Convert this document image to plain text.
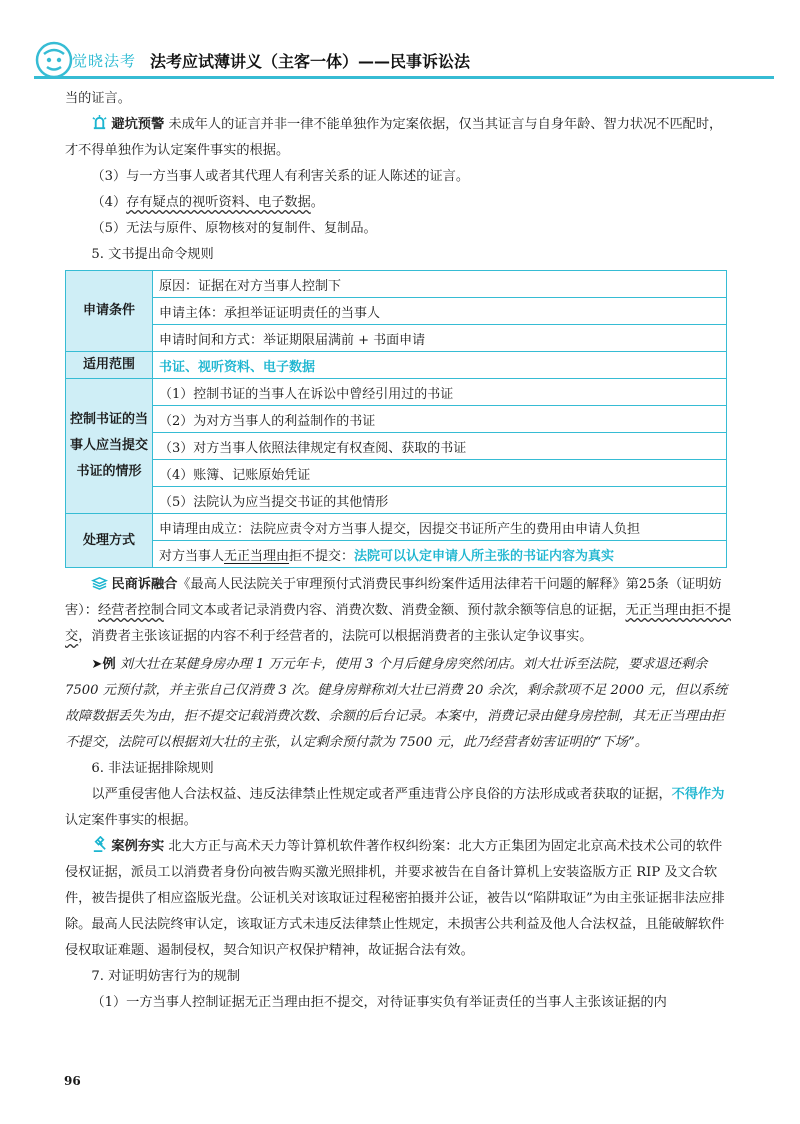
觉晓法考 法考应试薄讲义（主客一体）——民事诉讼法

当的证言。

避坑预警 未成年人的证言并非一律不能单独作为定案依据，仅当其证言与自身年龄、智力状况不匹配时，才不得单独作为认定案件事实的根据。

（3）与一方当事人或者其代理人有利害关系的证人陈述的证言。

（4）存有疑点的视听资料、电子数据。

（5）无法与原件、原物核对的复制件、复制品。

5. 文书提出命令规则

申请条件	原因：证据在对方当事人控制下
	申请主体：承担举证证明责任的当事人
	申请时间和方式：举证期限届满前 + 书面申请
适用范围	书证、视听资料、电子数据
控制书证的当事人应当提交书证的情形	（1）控制书证的当事人在诉讼中曾经引用过的书证
	（2）为对方当事人的利益制作的书证
	（3）对方当事人依照法律规定有权查阅、获取的书证
	（4）账簿、记账原始凭证
	（5）法院认为应当提交书证的其他情形
处理方式	申请理由成立：法院应责令对方当事人提交，因提交书证所产生的费用由申请人负担
	对方当事人无正当理由拒不提交：法院可以认定申请人所主张的书证内容为真实

民商诉融合《最高人民法院关于审理预付式消费民事纠纷案件适用法律若干问题的解释》第25条（证明妨害）：经营者控制合同文本或者记录消费内容、消费次数、消费金额、预付款余额等信息的证据，无正当理由拒不提交，消费者主张该证据的内容不利于经营者的，法院可以根据消费者的主张认定争议事实。

➤例 刘大壮在某健身房办理 1 万元年卡，使用 3 个月后健身房突然闭店。刘大壮诉至法院，要求退还剩余 7500 元预付款，并主张自己仅消费 3 次。健身房辩称刘大壮已消费 20 余次，剩余款项不足 2000 元，但以系统故障数据丢失为由，拒不提交记载消费次数、余额的后台记录。本案中，消费记录由健身房控制，其无正当理由拒不提交，法院可以根据刘大壮的主张，认定剩余预付款为 7500 元，此乃经营者妨害证明的“下场”。

6. 非法证据排除规则

以严重侵害他人合法权益、违反法律禁止性规定或者严重违背公序良俗的方法形成或者获取的证据，不得作为认定案件事实的根据。

案例夯实 北大方正与高术天力等计算机软件著作权纠纷案：北大方正集团为固定北京高术技术公司的软件侵权证据，派员工以消费者身份向被告购买激光照排机，并要求被告在自备计算机上安装盗版方正 RIP 及文合软件，被告提供了相应盗版光盘。公证机关对该取证过程秘密拍摄并公证，被告以“陷阱取证”为由主张证据非法应排除。最高人民法院终审认定，该取证方式未违反法律禁止性规定，未损害公共利益及他人合法权益，且能破解软件侵权取证难题、遏制侵权，契合知识产权保护精神，故证据合法有效。

7. 对证明妨害行为的规制

（1）一方当事人控制证据无正当理由拒不提交，对待证事实负有举证责任的当事人主张该证据的内

96
